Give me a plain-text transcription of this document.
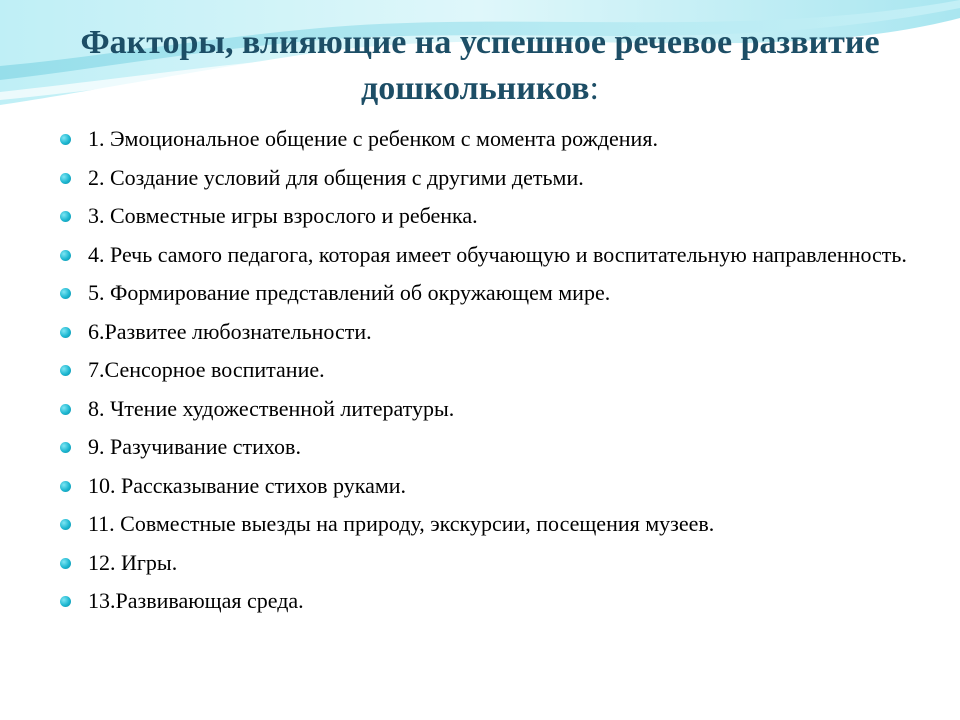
Факторы, влияющие на успешное речевое развитие дошкольников:
1. Эмоциональное общение с ребенком с момента рождения.
2. Создание условий для общения с другими детьми.
3. Совместные игры взрослого и ребенка.
4. Речь самого педагога, которая имеет обучающую и воспитательную направленность.
5. Формирование представлений об окружающем мире.
6.Развитее любознательности.
7.Сенсорное воспитание.
8. Чтение художественной литературы.
9. Разучивание стихов.
10. Рассказывание стихов руками.
11. Совместные выезды на природу, экскурсии, посещения музеев.
12. Игры.
13.Развивающая среда.
